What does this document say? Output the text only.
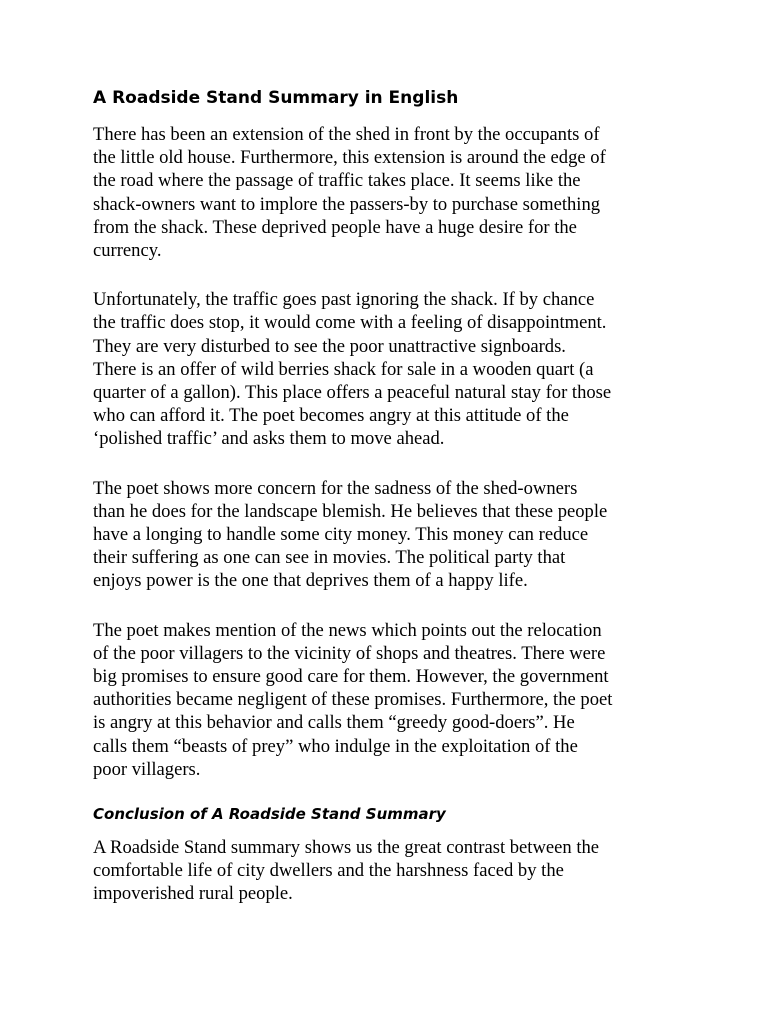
A Roadside Stand Summary in English

There has been an extension of the shed in front by the occupants of
the little old house. Furthermore, this extension is around the edge of
the road where the passage of traffic takes place. It seems like the
shack-owners want to implore the passers-by to purchase something
from the shack. These deprived people have a huge desire for the
currency.

Unfortunately, the traffic goes past ignoring the shack. If by chance
the traffic does stop, it would come with a feeling of disappointment.
They are very disturbed to see the poor unattractive signboards.
There is an offer of wild berries shack for sale in a wooden quart (a
quarter of a gallon). This place offers a peaceful natural stay for those
who can afford it. The poet becomes angry at this attitude of the
‘polished traffic’ and asks them to move ahead.

The poet shows more concern for the sadness of the shed-owners
than he does for the landscape blemish. He believes that these people
have a longing to handle some city money. This money can reduce
their suffering as one can see in movies. The political party that
enjoys power is the one that deprives them of a happy life.

The poet makes mention of the news which points out the relocation
of the poor villagers to the vicinity of shops and theatres. There were
big promises to ensure good care for them. However, the government
authorities became negligent of these promises. Furthermore, the poet
is angry at this behavior and calls them “greedy good-doers”. He
calls them “beasts of prey” who indulge in the exploitation of the
poor villagers.

Conclusion of A Roadside Stand Summary

A Roadside Stand summary shows us the great contrast between the
comfortable life of city dwellers and the harshness faced by the
impoverished rural people.
